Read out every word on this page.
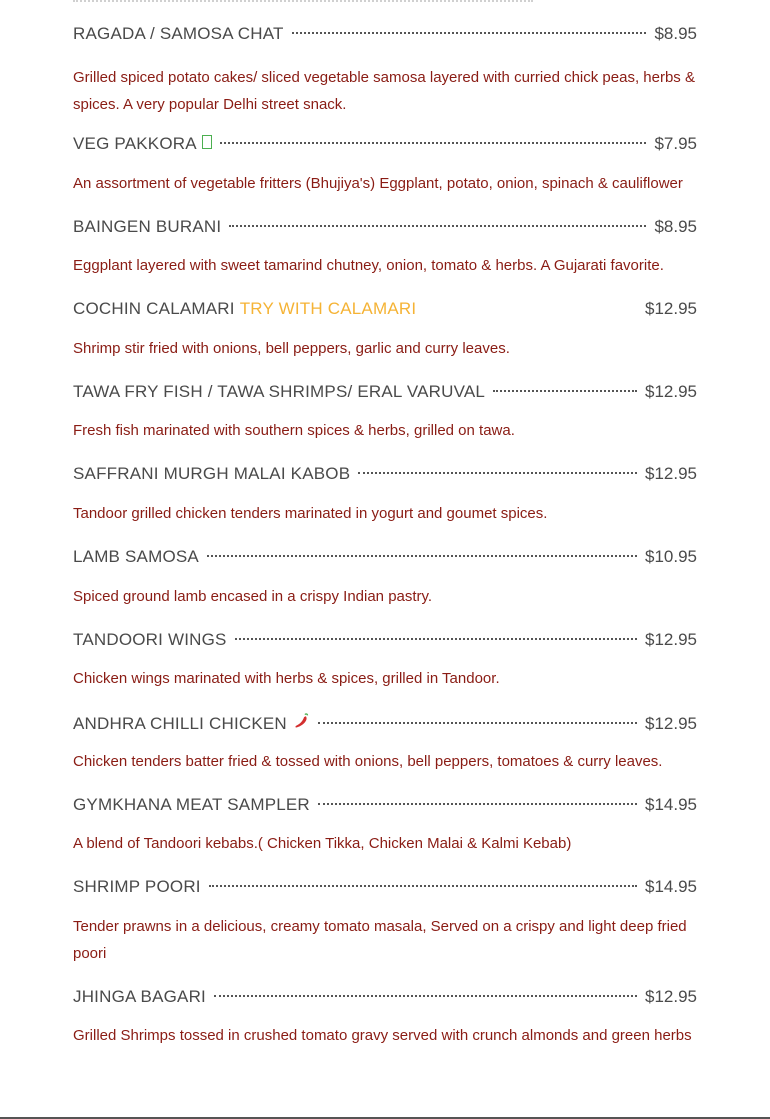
RAGADA / SAMOSA CHAT	$8.95

Grilled spiced potato cakes/ sliced vegetable samosa layered with curried chick peas, herbs & spices. A very popular Delhi street snack.

VEG PAKKORA	$7.95

An assortment of vegetable fritters (Bhujiya's) Eggplant, potato, onion, spinach & cauliflower

BAINGEN BURANI	$8.95

Eggplant layered with sweet tamarind chutney, onion, tomato & herbs. A Gujarati favorite.

COCHIN CALAMARI TRY WITH CALAMARI	$12.95

Shrimp stir fried with onions, bell peppers, garlic and curry leaves.

TAWA FRY FISH / TAWA SHRIMPS/ ERAL VARUVAL	$12.95

Fresh fish marinated with southern spices & herbs, grilled on tawa.

SAFFRANI MURGH MALAI KABOB	$12.95

Tandoor grilled chicken tenders marinated in yogurt and goumet spices.

LAMB SAMOSA	$10.95

Spiced ground lamb encased in a crispy Indian pastry.

TANDOORI WINGS	$12.95

Chicken wings marinated with herbs & spices, grilled in Tandoor.

ANDHRA CHILLI CHICKEN	$12.95

Chicken tenders batter fried & tossed with onions, bell peppers, tomatoes & curry leaves.

GYMKHANA MEAT SAMPLER	$14.95

A blend of Tandoori kebabs.( Chicken Tikka, Chicken Malai & Kalmi Kebab)

SHRIMP POORI	$14.95

Tender prawns in a delicious, creamy tomato masala, Served on a crispy and light deep fried poori

JHINGA BAGARI	$12.95

Grilled Shrimps tossed in crushed tomato gravy served with crunch almonds and green herbs
